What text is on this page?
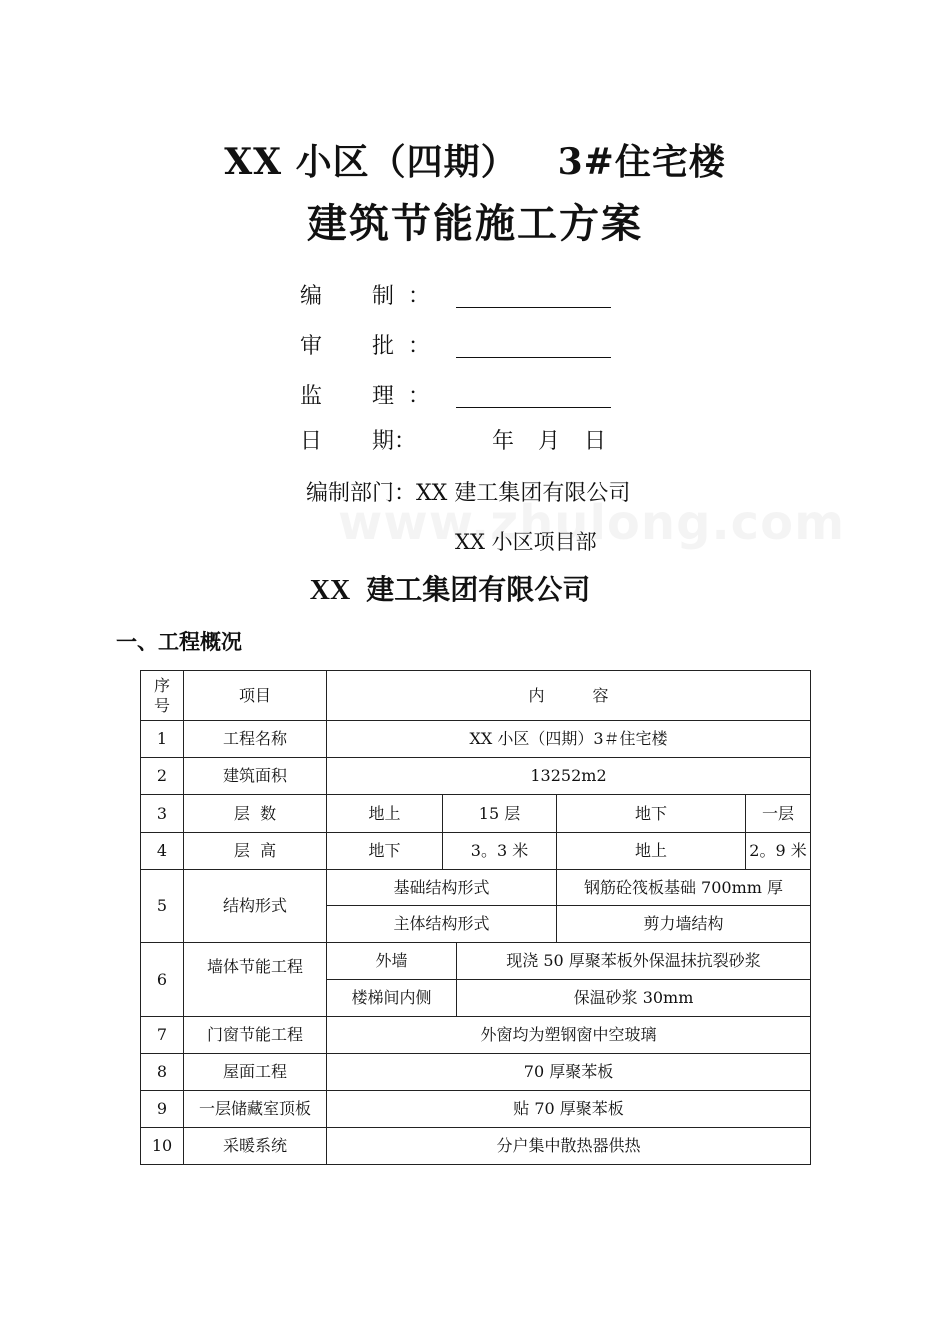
XX 小区（四期） 3#住宅楼
建筑节能施工方案
编	制 ：
审	批 ：
监	理 ：
日 期：	年 月 日
编制部门：XX 建工集团有限公司
XX 小区项目部
XX 建工集团有限公司
一、工程概况
序号	项目	内　　　容				
1	工程名称	XX 小区（四期）3＃住宅楼				
2	建筑面积	13252m2				
3	层  数	地上	15 层		地下	一层
4	层  高	地下	3。3 米		地上	2。9 米
5	结构形式	基础结构形式			钢筋砼筏板基础 700mm 厚	
		主体结构形式			剪力墙结构	
6	墙体节能工程	外墙		现浇 50 厚聚苯板外保温抹抗裂砂浆		
		楼梯间内侧		保温砂浆 30mm		
7	门窗节能工程	外窗均为塑钢窗中空玻璃				
8	屋面工程	70 厚聚苯板				
9	一层储藏室顶板	贴 70 厚聚苯板				
10	采暖系统	分户集中散热器供热				
